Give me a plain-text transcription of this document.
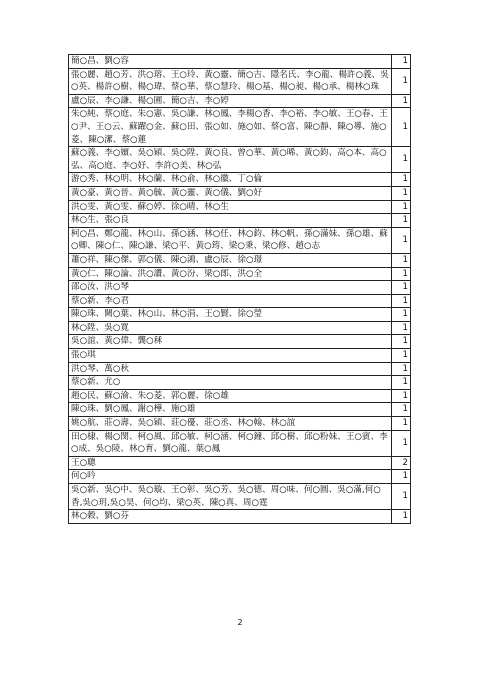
簡○昌、劉○容	1
張○麗、趙○芳、洪○瑢、王○玲、黃○靈、簡○吉、隱名氏、李○龍、楊許○義、吳○英、楊許○樹、楊○瑋、蔡○華、蔡○慧玲、楊○基、楊○昶、楊○承、楊林○珠	1
盧○辰、李○謙、楊○圃、簡○吉、李○婷	1
朱○純、蔡○庭、朱○憲、吳○謙、林○鳳、李楊○香、李○裕、李○敏、王○春、王○尹、王○云、蘇躍○金、蘇○田、張○如、施○如、蔡○富、陳○靜、陳○導、施○菱、陳○潔、蔡○蓮	1
蘇○義、李○嬪、吳○穎、吳○陞、黃○良、曾○華、黃○晞、黃○鈞、高○本、高○弘、高○庭、李○妤、李許○美、林○弘	1
游○秀、林○明、林○蘭、林○俞、林○徽、丁○倫	1
黃○豪、黃○晉、黃○毓、黃○靈、黃○儀、劉○好	1
洪○雯、黃○雯、蘇○婷、徐○晴、林○生	1
林○生、張○良	1
柯○昌、鄭○龍、林○山、孫○涵、林○任、林○鈞、林○帆、孫○滿妹、孫○雄、蘇○卿、陳○仁、陳○謙、梁○平、黃○筠、梁○秉、梁○修、趙○志	1
蕭○祥、陳○傑、郭○儀、陳○鴻、盧○辰、徐○璟	1
黃○仁、陳○論、洪○讚、黃○汾、梁○郎、洪○全	1
邵○汝、洪○琴	1
蔡○新、李○君	1
陳○珠、闕○葉、林○山、林○涓、王○賢、徐○瑩	1
林○陞、吳○寬	1
吳○誼、黃○偉、龔○秝	1
張○琪	1
洪○琴、萬○秋	1
蔡○新、尤○	1
趙○民、蘇○渝、朱○菱、郭○麗、徐○雄	1
陳○珠、劉○鳳、謝○樺、施○雄	1
姚○航、莊○壽、吳○穎、莊○優、莊○丞、林○翰、林○誼	1
田○棣、楊○閔、柯○風、邱○敏、柯○涵、柯○鐘、邱○樹、邱○粉妹、王○賓、李○成、吳○陵、林○育、劉○龍、葉○鳳	1
王○聰	2
何○吟	1
吳○新、吳○中、吳○璇、王○彰、吳○芳、吳○德、周○味、何○圓、吳○滿,何○香,吳○玥,吳○昊、何○均、梁○英、陳○真、周○霆	1
林○穀、劉○芬	1
2
